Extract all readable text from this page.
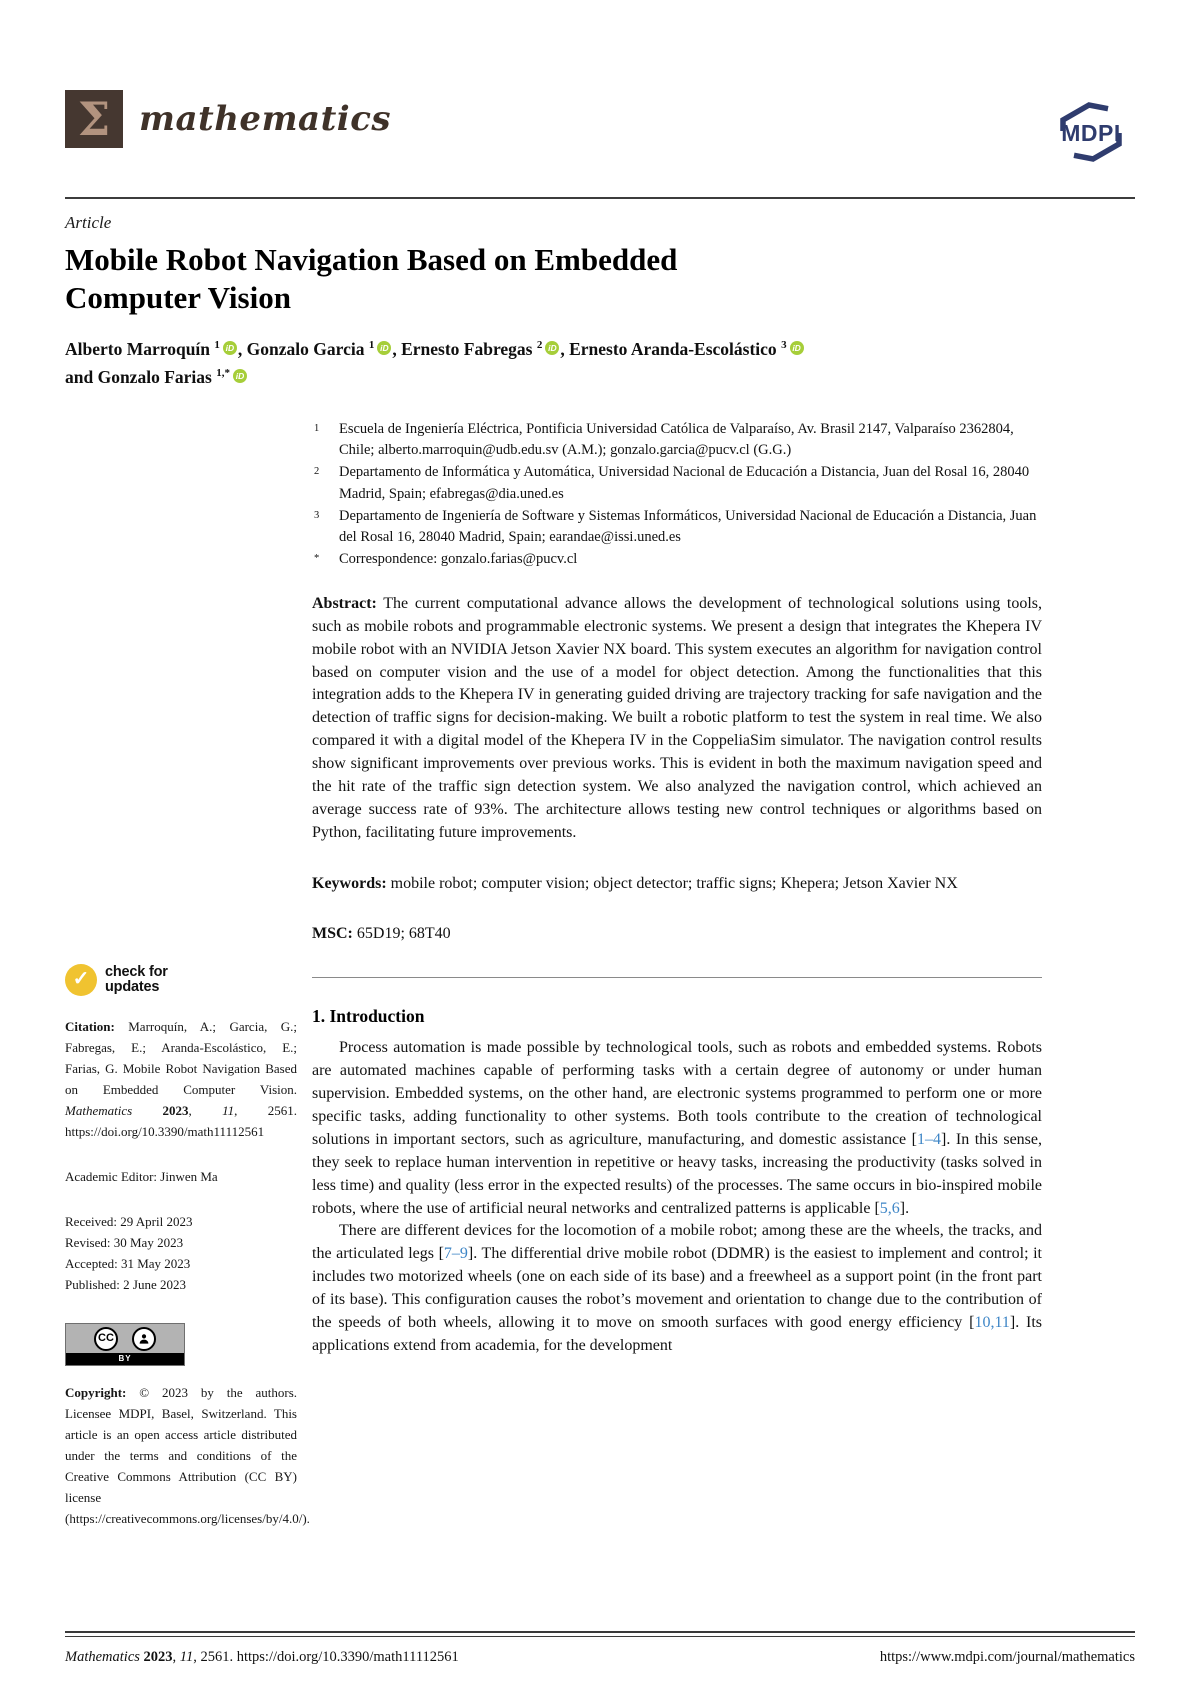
Σ mathematics	MDPI
Article
Mobile Robot Navigation Based on Embedded Computer Vision
Alberto Marroquín $^1$ iD , Gonzalo Garcia $^1$ iD , Ernesto Fabregas $^2$ iD , Ernesto Aranda-Escolástico $^3$iD
and Gonzalo Farias $^{1,*}$iD
✓
check for
updates

Citation: Marroquín, A.; Garcia, G.; Fabregas, E.; Aranda-Escolástico, E.; Farias, G. Mobile Robot Navigation Based on Embedded Computer Vision. Mathematics 2023, 11, 2561. https://doi.org/10.3390/math11112561

Academic Editor: Jinwen Ma

Received: 29 April 2023
Revised: 30 May 2023
Accepted: 31 May 2023
Published: 2 June 2023
CC
BY

Copyright: © 2023 by the authors. Licensee MDPI, Basel, Switzerland. This article is an open access article distributed under the terms and conditions of the Creative Commons Attribution (CC BY) license (https://creativecommons.org/licenses/by/4.0/).

1	Escuela de Ingeniería Eléctrica, Pontificia Universidad Católica de Valparaíso, Av. Brasil 2147, Valparaíso 2362804, Chile; alberto.marroquin@udb.edu.sv (A.M.); gonzalo.garcia@pucv.cl (G.G.)
2	Departamento de Informática y Automática, Universidad Nacional de Educación a Distancia, Juan del Rosal 16, 28040 Madrid, Spain; efabregas@dia.uned.es
3	Departamento de Ingeniería de Software y Sistemas Informáticos, Universidad Nacional de Educación a Distancia, Juan del Rosal 16, 28040 Madrid, Spain; earandae@issi.uned.es
*	Correspondence: gonzalo.farias@pucv.cl

Abstract: The current computational advance allows the development of technological solutions using tools, such as mobile robots and programmable electronic systems. We present a design that integrates the Khepera IV mobile robot with an NVIDIA Jetson Xavier NX board. This system executes an algorithm for navigation control based on computer vision and the use of a model for object detection. Among the functionalities that this integration adds to the Khepera IV in generating guided driving are trajectory tracking for safe navigation and the detection of traffic signs for decision-making. We built a robotic platform to test the system in real time. We also compared it with a digital model of the Khepera IV in the CoppeliaSim simulator. The navigation control results show significant improvements over previous works. This is evident in both the maximum navigation speed and the hit rate of the traffic sign detection system. We also analyzed the navigation control, which achieved an average success rate of 93%. The architecture allows testing new control techniques or algorithms based on Python, facilitating future improvements.

Keywords: mobile robot; computer vision; object detector; traffic signs; Khepera; Jetson Xavier NX

MSC: 65D19; 68T40

1. Introduction

Process automation is made possible by technological tools, such as robots and embedded systems. Robots are automated machines capable of performing tasks with a certain degree of autonomy or under human supervision. Embedded systems, on the other hand, are electronic systems programmed to perform one or more specific tasks, adding functionality to other systems. Both tools contribute to the creation of technological solutions in important sectors, such as agriculture, manufacturing, and domestic assistance [1–4]. In this sense, they seek to replace human intervention in repetitive or heavy tasks, increasing the productivity (tasks solved in less time) and quality (less error in the expected results) of the processes. The same occurs in bio-inspired mobile robots, where the use of artificial neural networks and centralized patterns is applicable [5,6].

There are different devices for the locomotion of a mobile robot; among these are the wheels, the tracks, and the articulated legs [7–9]. The differential drive mobile robot (DDMR) is the easiest to implement and control; it includes two motorized wheels (one on each side of its base) and a freewheel as a support point (in the front part of its base). This configuration causes the robot’s movement and orientation to change due to the contribution of the speeds of both wheels, allowing it to move on smooth surfaces with good energy efficiency [10,11]. Its applications extend from academia, for the development

Mathematics 2023, 11, 2561. https://doi.org/10.3390/math11112561	https://www.mdpi.com/journal/mathematics
